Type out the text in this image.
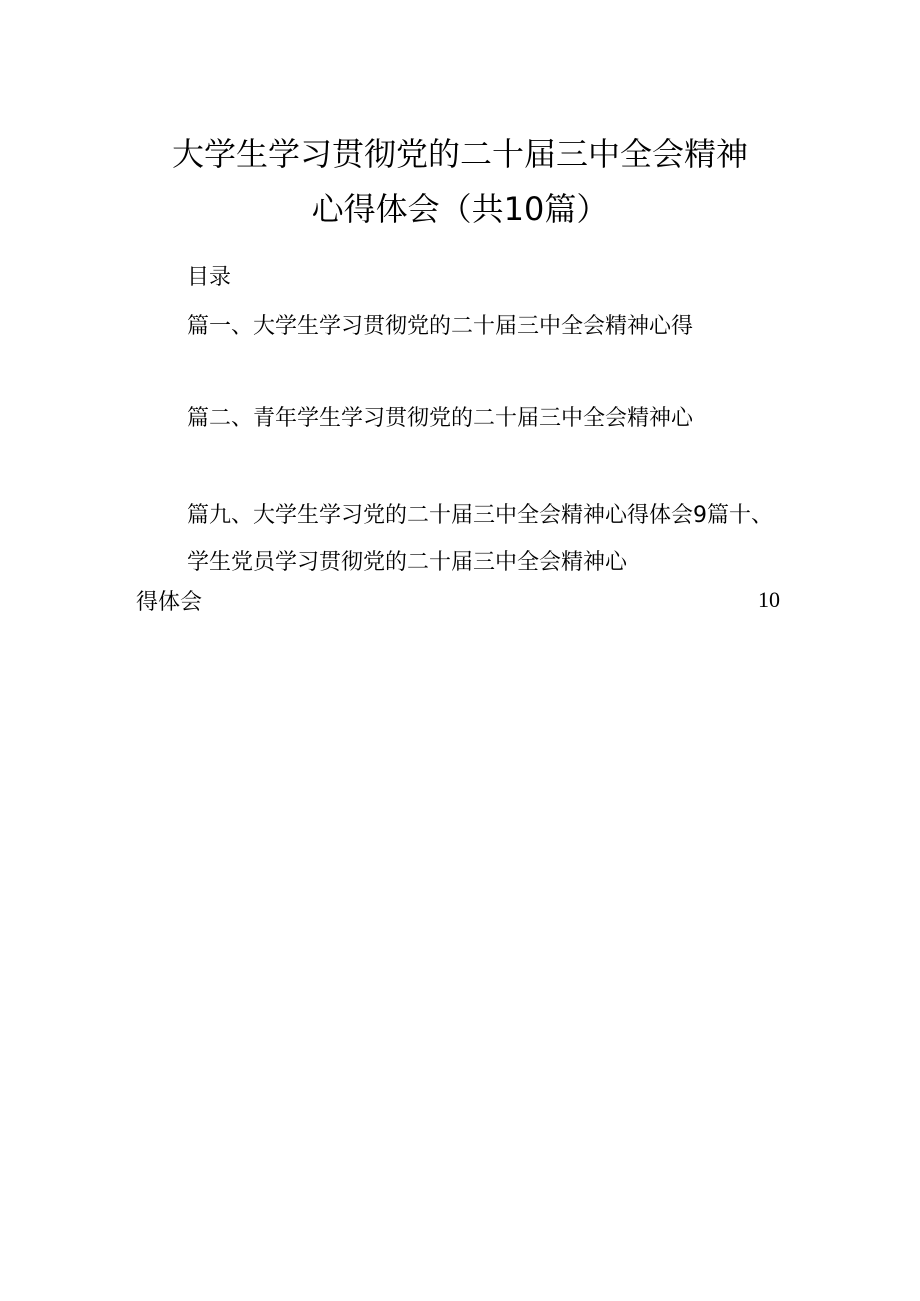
大学生学习贯彻党的二十届三中全会精神
心得体会（共10篇）
目录
篇一、大学生学习贯彻党的二十届三中全会精神心得
篇二、青年学生学习贯彻党的二十届三中全会精神心
篇九、大学生学习党的二十届三中全会精神心得体会9篇十、
学生党员学习贯彻党的二十届三中全会精神心
得体会	10
